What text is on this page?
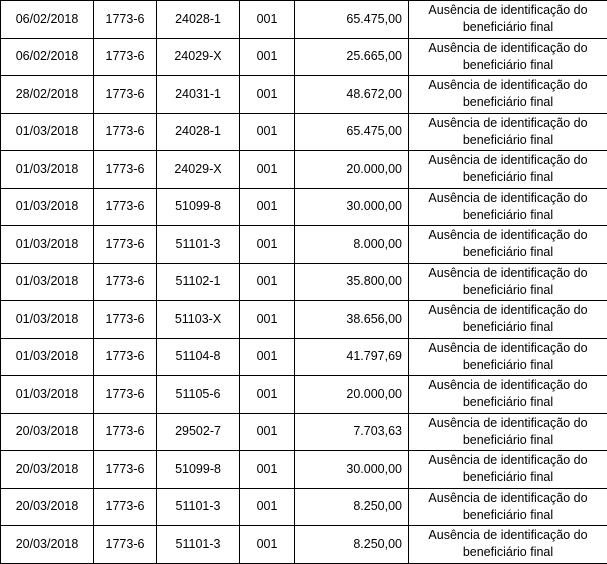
06/02/2018	1773-6	24028-1	001	65.475,00	Ausência de identificação do beneficiário final
06/02/2018	1773-6	24029-X	001	25.665,00	Ausência de identificação do beneficiário final
28/02/2018	1773-6	24031-1	001	48.672,00	Ausência de identificação do beneficiário final
01/03/2018	1773-6	24028-1	001	65.475,00	Ausência de identificação do beneficiário final
01/03/2018	1773-6	24029-X	001	20.000,00	Ausência de identificação do beneficiário final
01/03/2018	1773-6	51099-8	001	30.000,00	Ausência de identificação do beneficiário final
01/03/2018	1773-6	51101-3	001	8.000,00	Ausência de identificação do beneficiário final
01/03/2018	1773-6	51102-1	001	35.800,00	Ausência de identificação do beneficiário final
01/03/2018	1773-6	51103-X	001	38.656,00	Ausência de identificação do beneficiário final
01/03/2018	1773-6	51104-8	001	41.797,69	Ausência de identificação do beneficiário final
01/03/2018	1773-6	51105-6	001	20.000,00	Ausência de identificação do beneficiário final
20/03/2018	1773-6	29502-7	001	7.703,63	Ausência de identificação do beneficiário final
20/03/2018	1773-6	51099-8	001	30.000,00	Ausência de identificação do beneficiário final
20/03/2018	1773-6	51101-3	001	8.250,00	Ausência de identificação do beneficiário final
20/03/2018	1773-6	51101-3	001	8.250,00	Ausência de identificação do beneficiário final
